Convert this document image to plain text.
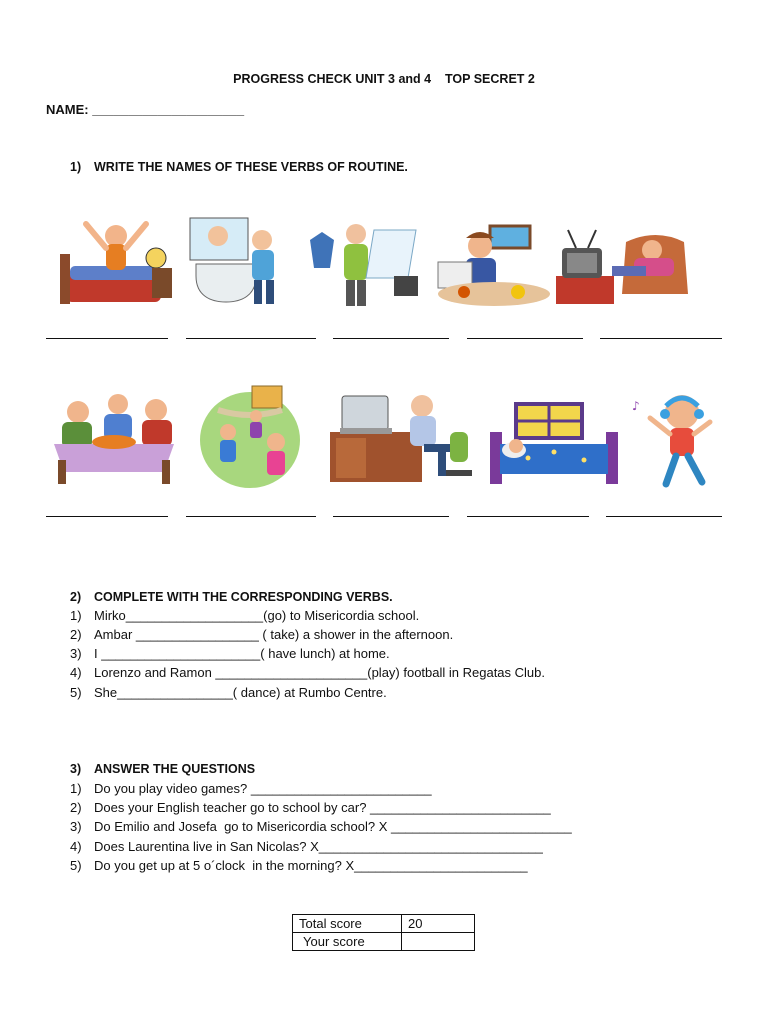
PROGRESS CHECK UNIT 3 and 4 TOP SECRET 2
NAME: _____________________
1) WRITE THE NAMES OF THESE VERBS OF ROUTINE.
♪
2) COMPLETE WITH THE CORRESPONDING VERBS.
1) Mirko___________________(go) to Misericordia school.
2) Ambar _________________ ( take) a shower in the afternoon.
3) I ______________________( have lunch) at home.
4) Lorenzo and Ramon _____________________(play) football in Regatas Club.
5) She________________( dance) at Rumbo Centre.
3) ANSWER THE QUESTIONS
1) Do you play video games? _________________________
2) Does your English teacher go to school by car? _________________________
3) Do Emilio and Josefa  go to Misericordia school? X _________________________
4) Does Laurentina live in San Nicolas? X_______________________________
5) Do you get up at 5 o´clock  in the morning? X________________________
Total score	20
Your score	
